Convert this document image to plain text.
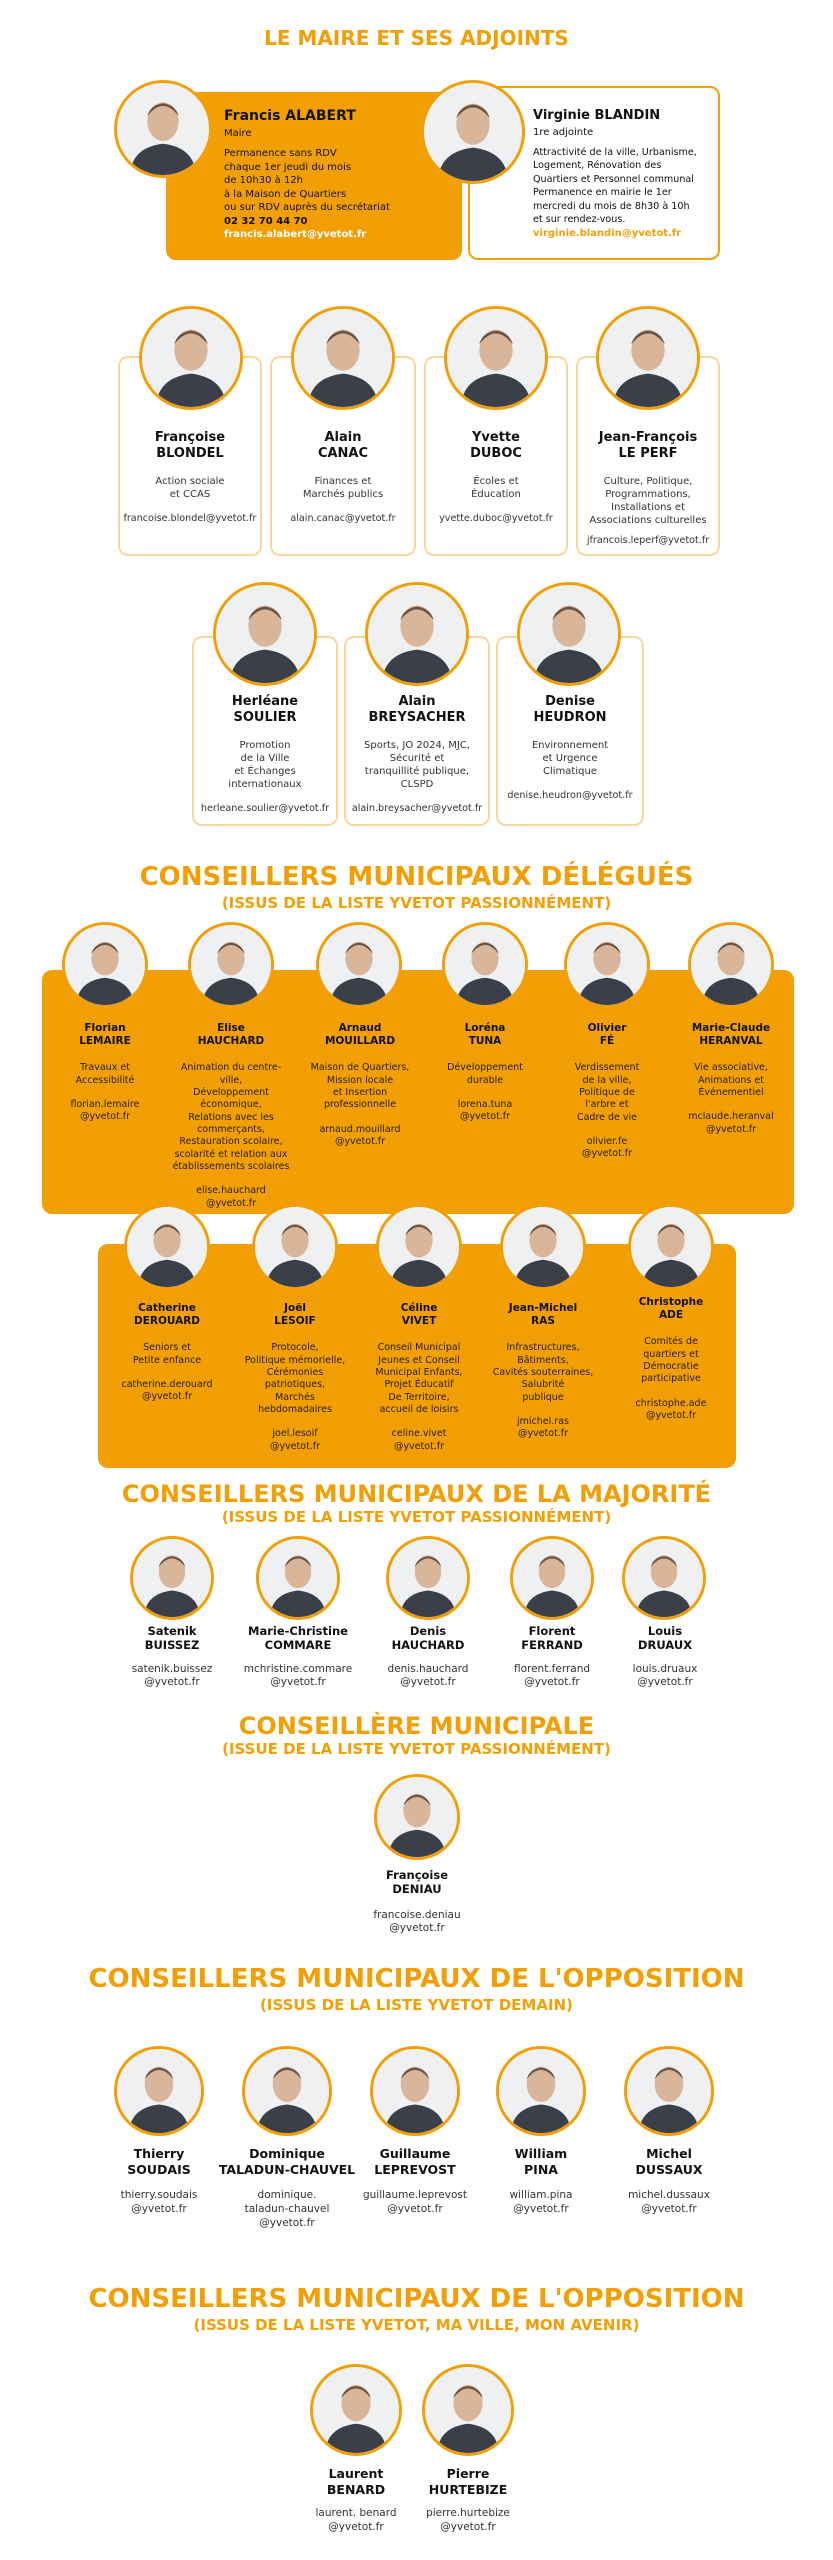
LE MAIRE ET SES ADJOINTS
Francis ALABERT
Maire
Permanence sans RDV
chaque 1er jeudi du mois
de 10h30 à 12h
à la Maison de Quartiers
ou sur RDV auprès du secrétariat
02 32 70 44 70
francis.alabert@yvetot.fr
Virginie BLANDIN
1re adjointe
Attractivité de la ville, Urbanisme,
Logement, Rénovation des
Quartiers et Personnel communal
Permanence en mairie le 1er
mercredi du mois de 8h30 à 10h
et sur rendez-vous.
virginie.blandin@yvetot.fr
Françoise
BLONDEL
Action sociale
et CCAS
francoise.blondel@yvetot.fr
Alain
CANAC
Finances et
Marchés publics
alain.canac@yvetot.fr
Yvette
DUBOC
Écoles et
Éducation
yvette.duboc@yvetot.fr
Jean-François
LE PERF
Culture, Politique,
Programmations,
Installations et
Associations culturelles
jfrancois.leperf@yvetot.fr
Herléane
SOULIER
Promotion
de la Ville
et Échanges
internationaux
herleane.soulier@yvetot.fr
Alain
BREYSACHER
Sports, JO 2024, MJC,
Sécurité et
tranquillité publique,
CLSPD
alain.breysacher@yvetot.fr
Denise
HEUDRON
Environnement
et Urgence
Climatique
denise.heudron@yvetot.fr
CONSEILLERS MUNICIPAUX DÉLÉGUÉS
(ISSUS DE LA LISTE YVETOT PASSIONNÉMENT)
Florian
LEMAIRE
Travaux et
Accessibilité
florian.lemaire
@yvetot.fr
Elise
HAUCHARD
Animation du centre-
ville,
Développement
économique,
Relations avec les
commerçants,
Restauration scolaire,
scolarité et relation aux
établissements scolaires
elise.hauchard
@yvetot.fr
Arnaud
MOUILLARD
Maison de Quartiers,
Mission locale
et Insertion
professionnelle
arnaud.mouillard
@yvetot.fr
Loréna
TUNA
Développement
durable
lorena.tuna
@yvetot.fr
Olivier
FÉ
Verdissement
de la ville,
Politique de
l'arbre et
Cadre de vie
olivier.fe
@yvetot.fr
Marie-Claude
HERANVAL
Vie associative,
Animations et
Événementiel
mclaude.heranval
@yvetot.fr
Catherine
DEROUARD
Seniors et
Petite enfance
catherine.derouard
@yvetot.fr
Joël
LESOIF
Protocole,
Politique mémorielle,
Cérémonies
patriotiques,
Marchés
hebdomadaires
joel.lesoif
@yvetot.fr
Céline
VIVET
Conseil Municipal
Jeunes et Conseil
Municipal Enfants,
Projet Éducatif
De Territoire,
accueil de loisirs
celine.vivet
@yvetot.fr
Jean-Michel
RAS
Infrastructures,
Bâtiments,
Cavités souterraines,
Salubrité
publique
jmichel.ras
@yvetot.fr
Christophe
ADE
Comités de
quartiers et
Démocratie
participative
christophe.ade
@yvetot.fr
CONSEILLERS MUNICIPAUX DE LA MAJORITÉ
(ISSUS DE LA LISTE YVETOT PASSIONNÉMENT)
Satenik
BUISSEZ
satenik.buissez
@yvetot.fr
Marie-Christine
COMMARE
mchristine.commare
@yvetot.fr
Denis
HAUCHARD
denis.hauchard
@yvetot.fr
Florent
FERRAND
florent.ferrand
@yvetot.fr
Louis
DRUAUX
louis.druaux
@yvetot.fr
CONSEILLÈRE MUNICIPALE
(ISSUE DE LA LISTE YVETOT PASSIONNÉMENT)
Françoise
DENIAU
francoise.deniau
@yvetot.fr
CONSEILLERS MUNICIPAUX DE L'OPPOSITION
(ISSUS DE LA LISTE YVETOT DEMAIN)
Thierry
SOUDAIS
thierry.soudais
@yvetot.fr
Dominique
TALADUN-CHAUVEL
dominique.
taladun-chauvel
@yvetot.fr
Guillaume
LEPREVOST
guillaume.leprevost
@yvetot.fr
William
PINA
william.pina
@yvetot.fr
Michel
DUSSAUX
michel.dussaux
@yvetot.fr
CONSEILLERS MUNICIPAUX DE L'OPPOSITION
(ISSUS DE LA LISTE YVETOT, MA VILLE, MON AVENIR)
Laurent
BENARD
laurent. benard
@yvetot.fr
Pierre
HURTEBIZE
pierre.hurtebize
@yvetot.fr
